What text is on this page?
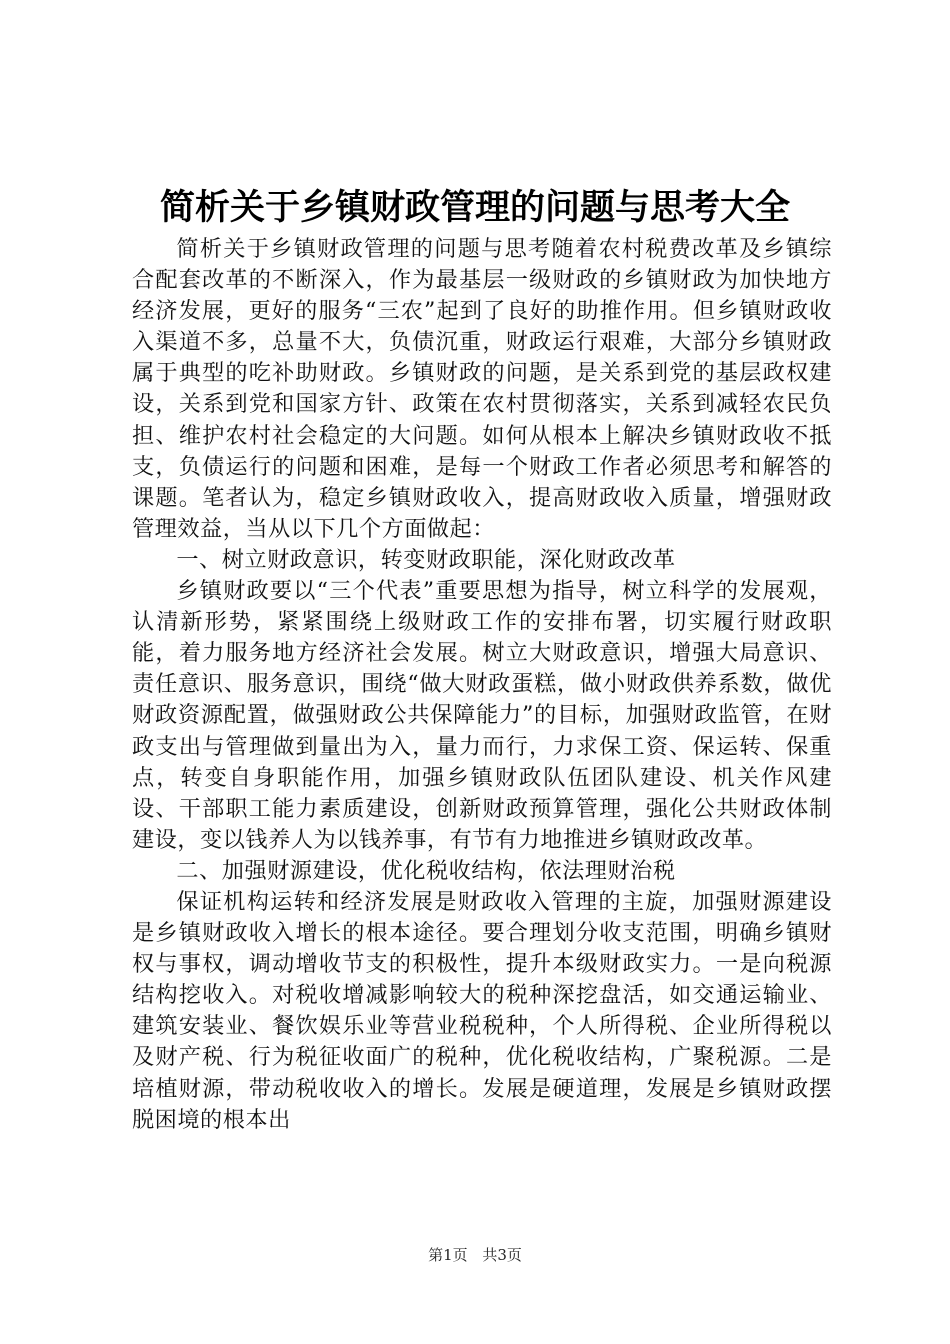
简析关于乡镇财政管理的问题与思考大全

简析关于乡镇财政管理的问题与思考随着农村税费改革及乡镇综合配套改革的不断深入，作为最基层一级财政的乡镇财政为加快地方经济发展，更好的服务“三农”起到了良好的助推作用。但乡镇财政收入渠道不多，总量不大，负债沉重，财政运行艰难，大部分乡镇财政属于典型的吃补助财政。乡镇财政的问题，是关系到党的基层政权建设，关系到党和国家方针、政策在农村贯彻落实，关系到减轻农民负担、维护农村社会稳定的大问题。如何从根本上解决乡镇财政收不抵支，负债运行的问题和困难，是每一个财政工作者必须思考和解答的课题。笔者认为，稳定乡镇财政收入，提高财政收入质量，增强财政管理效益，当从以下几个方面做起：

一、树立财政意识，转变财政职能，深化财政改革

乡镇财政要以“三个代表”重要思想为指导，树立科学的发展观，认清新形势，紧紧围绕上级财政工作的安排布署，切实履行财政职能，着力服务地方经济社会发展。树立大财政意识，增强大局意识、责任意识、服务意识，围绕“做大财政蛋糕，做小财政供养系数，做优财政资源配置，做强财政公共保障能力”的目标，加强财政监管，在财政支出与管理做到量出为入，量力而行，力求保工资、保运转、保重点，转变自身职能作用，加强乡镇财政队伍团队建设、机关作风建设、干部职工能力素质建设，创新财政预算管理，强化公共财政体制建设，变以钱养人为以钱养事，有节有力地推进乡镇财政改革。

二、加强财源建设，优化税收结构，依法理财治税

保证机构运转和经济发展是财政收入管理的主旋，加强财源建设是乡镇财政收入增长的根本途径。要合理划分收支范围，明确乡镇财权与事权，调动增收节支的积极性，提升本级财政实力。一是向税源结构挖收入。对税收增减影响较大的税种深挖盘活，如交通运输业、建筑安装业、餐饮娱乐业等营业税税种，个人所得税、企业所得税以及财产税、行为税征收面广的税种，优化税收结构，广聚税源。二是培植财源，带动税收收入的增长。发展是硬道理，发展是乡镇财政摆脱困境的根本出

第1页 共3页
